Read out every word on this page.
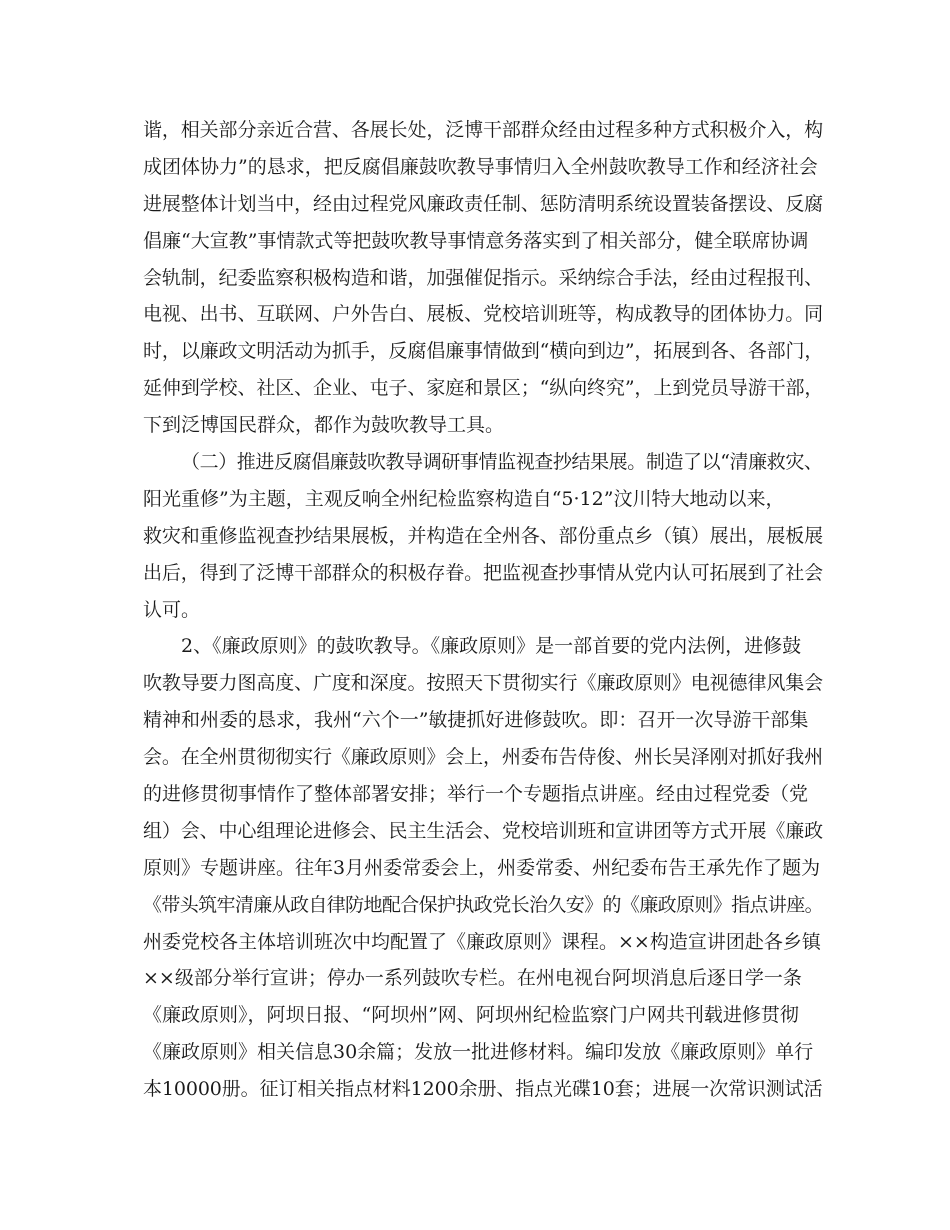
谐，相关部分亲近合营、各展长处，泛博干部群众经由过程多种方式积极介入，构
成团体协力”的恳求，把反腐倡廉鼓吹教导事情归入全州鼓吹教导工作和经济社会
进展整体计划当中，经由过程党风廉政责任制、惩防清明系统设置装备摆设、反腐
倡廉“大宣教”事情款式等把鼓吹教导事情意务落实到了相关部分，健全联席协调
会轨制，纪委监察积极构造和谐，加强催促指示。采纳综合手法，经由过程报刊、
电视、出书、互联网、户外告白、展板、党校培训班等，构成教导的团体协力。同
时，以廉政文明活动为抓手，反腐倡廉事情做到“横向到边”，拓展到各、各部门，
延伸到学校、社区、企业、屯子、家庭和景区；“纵向终究”，上到党员导游干部，
下到泛博国民群众，都作为鼓吹教导工具。
（二）推进反腐倡廉鼓吹教导调研事情监视查抄结果展。制造了以“清廉救灾、
阳光重修”为主题，主观反响全州纪检监察构造自“5·12”汶川特大地动以来，
救灾和重修监视查抄结果展板，并构造在全州各、部份重点乡（镇）展出，展板展
出后，得到了泛博干部群众的积极存眷。把监视查抄事情从党内认可拓展到了社会
认可。
2、《廉政原则》的鼓吹教导。《廉政原则》是一部首要的党内法例，进修鼓
吹教导要力图高度、广度和深度。按照天下贯彻实行《廉政原则》电视德律风集会
精神和州委的恳求，我州“六个一”敏捷抓好进修鼓吹。即：召开一次导游干部集
会。在全州贯彻彻实行《廉政原则》会上，州委布告侍俊、州长吴泽刚对抓好我州
的进修贯彻事情作了整体部署安排；举行一个专题指点讲座。经由过程党委（党
组）会、中心组理论进修会、民主生活会、党校培训班和宣讲团等方式开展《廉政
原则》专题讲座。往年3月州委常委会上，州委常委、州纪委布告王承先作了题为
《带头筑牢清廉从政自律防地配合保护执政党长治久安》的《廉政原则》指点讲座。
州委党校各主体培训班次中均配置了《廉政原则》课程。××构造宣讲团赴各乡镇
××级部分举行宣讲；停办一系列鼓吹专栏。在州电视台阿坝消息后逐日学一条
《廉政原则》，阿坝日报、“阿坝州”网、阿坝州纪检监察门户网共刊载进修贯彻
《廉政原则》相关信息30余篇；发放一批进修材料。编印发放《廉政原则》单行
本10000册。征订相关指点材料1200余册、指点光碟10套；进展一次常识测试活
